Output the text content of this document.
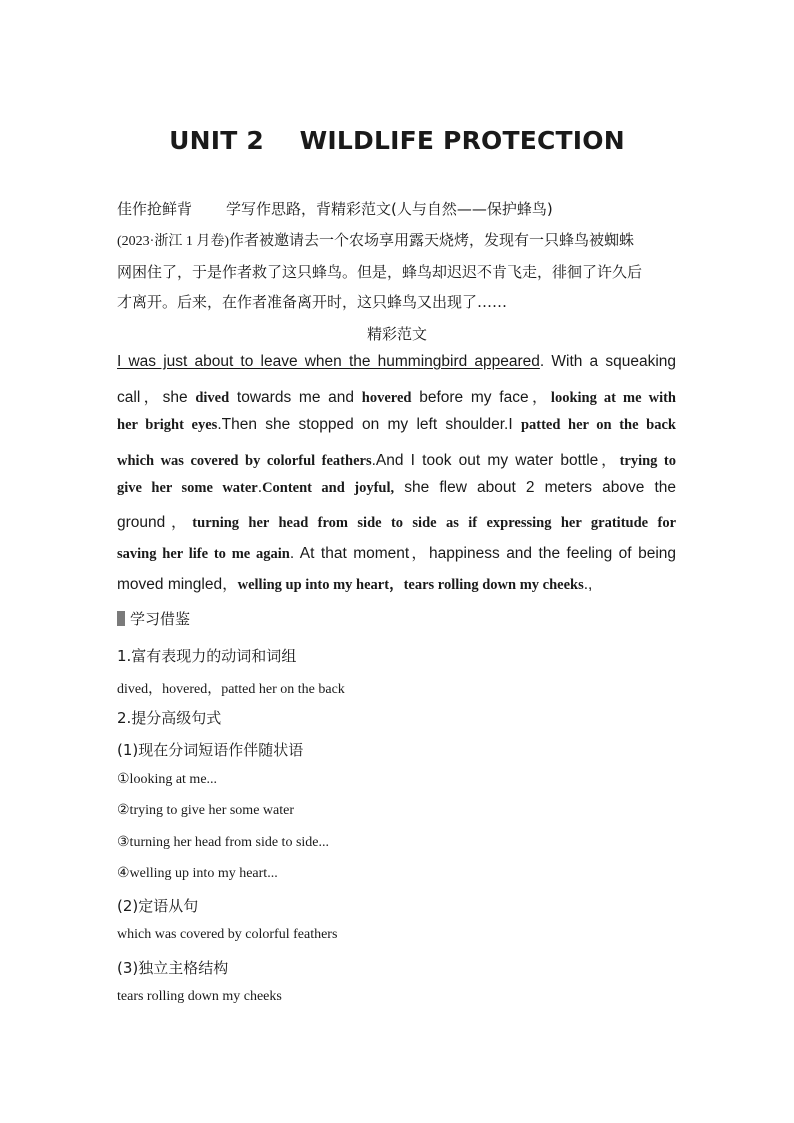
UNIT 2    WILDLIFE PROTECTION
佳作抢鲜背 学写作思路，背精彩范文(人与自然——保护蜂鸟)
(2023·浙江 1 月卷)作者被邀请去一个农场享用露天烧烤，发现有一只蜂鸟被蜘蛛
网困住了，于是作者救了这只蜂鸟。但是，蜂鸟却迟迟不肯飞走，徘徊了许久后
才离开。后来，在作者准备离开时，这只蜂鸟又出现了……
精彩范文
I was just about to leave when the hummingbird appeared. With a squeaking
call，she dived towards me and hovered before my face，looking at me with
her bright eyes.Then she stopped on my left shoulder.I patted her on the back
which was covered by colorful feathers.And I took out my water bottle，trying to
give her some water.Content and joyful, she flew about 2 meters above the
ground，turning her head from side to side as if expressing her gratitude for
saving her life to me again. At that moment，happiness and the feeling of being
moved mingled，welling up into my heart，tears rolling down my cheeks.,
学习借鉴
1.富有表现力的动词和词组
dived，hovered，patted her on the back
2.提分高级句式
(1)现在分词短语作伴随状语
①looking at me...
②trying to give her some water
③turning her head from side to side...
④welling up into my heart...
(2)定语从句
which was covered by colorful feathers
(3)独立主格结构
tears rolling down my cheeks
